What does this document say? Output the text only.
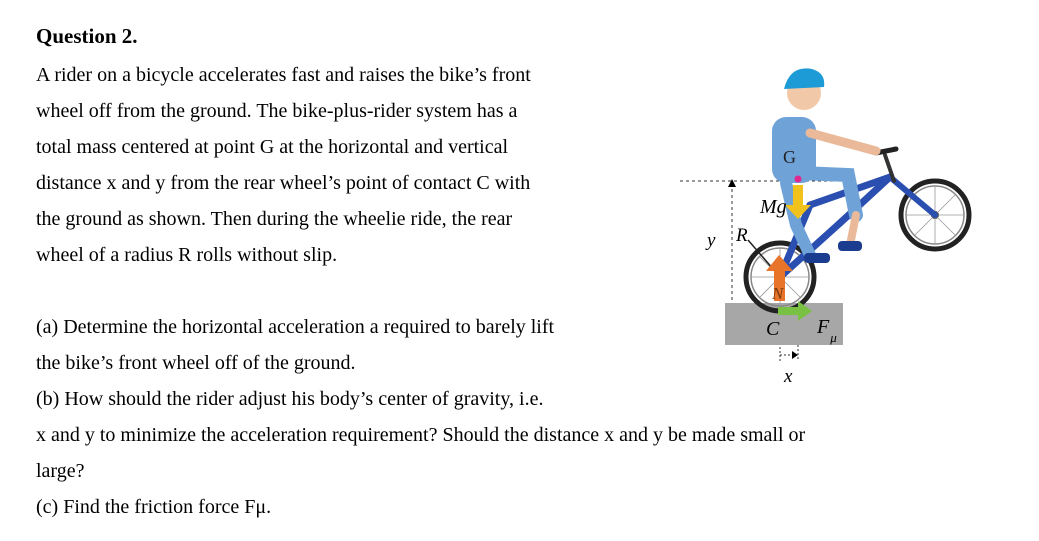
Question 2.
A rider on a bicycle accelerates fast and raises the bike’s front
wheel off from the ground. The bike-plus-rider system has a
total mass centered at point G at the horizontal and vertical
distance x and y from the rear wheel’s point of contact C with
the ground as shown. Then during the wheelie ride, the rear
wheel of a radius R rolls without slip.
(a) Determine the horizontal acceleration a required to barely lift
the bike’s front wheel off of the ground.
(b) How should the rider adjust his body’s center of gravity, i.e.
x and y to minimize the acceleration requirement? Should the distance x and y be made small or
large?
(c) Find the friction force Fμ.
y
G
Mg
R
N
C $F_\mu$
x
